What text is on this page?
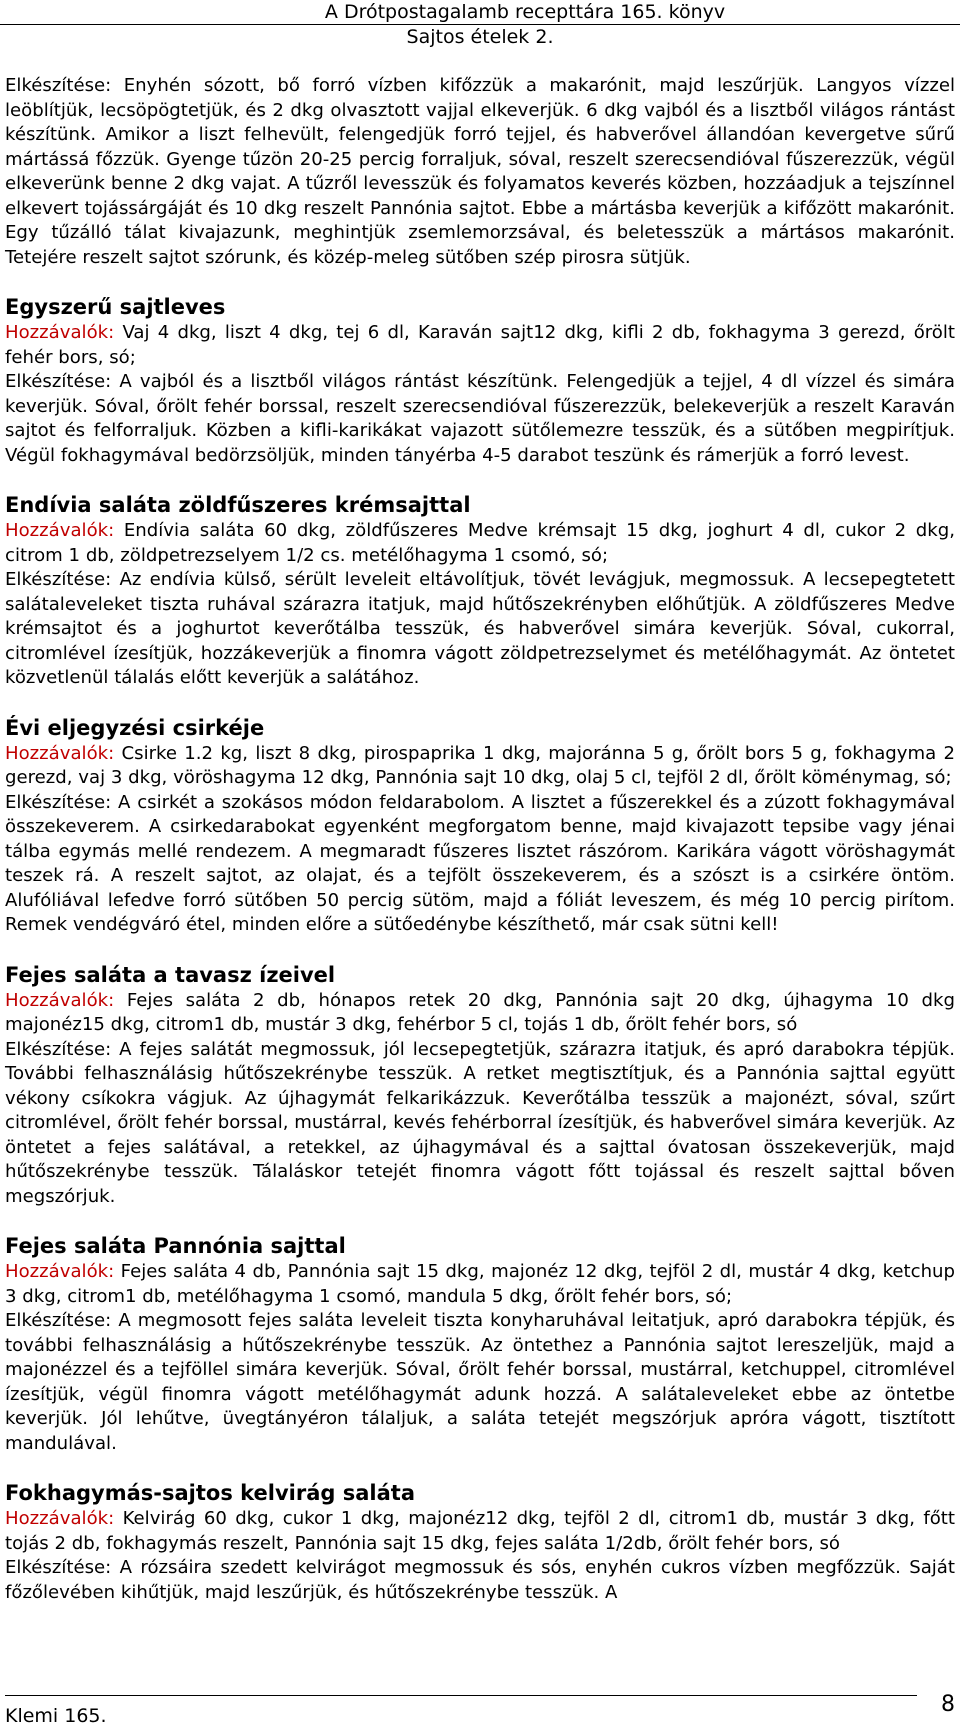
A Drótpostagalamb recepttára 165. könyv
Sajtos ételek 2.

Elkészítése: Enyhén sózott, bő forró vízben kifőzzük a makarónit, majd leszűrjük. Langyos vízzel leöblítjük, lecsöpögtetjük, és 2 dkg olvasztott vajjal elkeverjük. 6 dkg vajból és a lisztből világos rántást készítünk. Amikor a liszt felhevült, felengedjük forró tejjel, és habverővel állandóan kevergetve sűrű mártássá főzzük. Gyenge tűzön 20-25 percig forraljuk, sóval, reszelt szerecsendióval fűszerezzük, végül elkeverünk benne 2 dkg vajat. A tűzről levesszük és folyamatos keverés közben, hozzáadjuk a tejszínnel elkevert tojássárgáját és 10 dkg reszelt Pannónia sajtot. Ebbe a mártásba keverjük a kifőzött makarónit. Egy tűzálló tálat kivajazunk, meghintjük zsemlemorzsával, és beletesszük a mártásos makarónit. Tetejére reszelt sajtot szórunk, és közép-meleg sütőben szép pirosra sütjük.

Egyszerű sajtleves

Hozzávalók: Vaj 4 dkg, liszt 4 dkg, tej 6 dl, Karaván sajt12 dkg, kifli 2 db, fokhagyma 3 gerezd, őrölt fehér bors, só;

Elkészítése: A vajból és a lisztből világos rántást készítünk. Felengedjük a tejjel, 4 dl vízzel és simára keverjük. Sóval, őrölt fehér borssal, reszelt szerecsendióval fűszerezzük, belekeverjük a reszelt Karaván sajtot és felforraljuk. Közben a kifli-karikákat vajazott sütőlemezre tesszük, és a sütőben megpirítjuk. Végül fokhagymával bedörzsöljük, minden tányérba 4-5 darabot teszünk és rámerjük a forró levest.

Endívia saláta zöldfűszeres krémsajttal

Hozzávalók: Endívia saláta 60 dkg, zöldfűszeres Medve krémsajt 15 dkg, joghurt 4 dl, cukor 2 dkg, citrom 1 db, zöldpetrezselyem 1/2 cs. metélőhagyma 1 csomó, só;

Elkészítése: Az endívia külső, sérült leveleit eltávolítjuk, tövét levágjuk, megmossuk. A lecsepegtetett salátaleveleket tiszta ruhával szárazra itatjuk, majd hűtőszekrényben előhűtjük. A zöldfűszeres Medve krémsajtot és a joghurtot keverőtálba tesszük, és habverővel simára keverjük. Sóval, cukorral, citromlével ízesítjük, hozzákeverjük a finomra vágott zöldpetrezselymet és metélőhagymát. Az öntetet közvetlenül tálalás előtt keverjük a salátához.

Évi eljegyzési csirkéje

Hozzávalók: Csirke 1.2 kg, liszt 8 dkg, pirospaprika 1 dkg, majoránna 5 g, őrölt bors 5 g, fokhagyma 2 gerezd, vaj 3 dkg, vöröshagyma 12 dkg, Pannónia sajt 10 dkg, olaj 5 cl, tejföl 2 dl, őrölt köménymag, só;

Elkészítése: A csirkét a szokásos módon feldarabolom. A lisztet a fűszerekkel és a zúzott fokhagymával összekeverem. A csirkedarabokat egyenként megforgatom benne, majd kivajazott tepsibe vagy jénai tálba egymás mellé rendezem. A megmaradt fűszeres lisztet rászórom. Karikára vágott vöröshagymát teszek rá. A reszelt sajtot, az olajat, és a tejfölt összekeverem, és a szószt is a csirkére öntöm. Alufóliával lefedve forró sütőben 50 percig sütöm, majd a fóliát leveszem, és még 10 percig pirítom. Remek vendégváró étel, minden előre a sütőedénybe készíthető, már csak sütni kell!

Fejes saláta a tavasz ízeivel

Hozzávalók: Fejes saláta 2 db, hónapos retek 20 dkg, Pannónia sajt 20 dkg, újhagyma 10 dkg majonéz15 dkg, citrom1 db, mustár 3 dkg, fehérbor 5 cl, tojás 1 db, őrölt fehér bors, só

Elkészítése: A fejes salátát megmossuk, jól lecsepegtetjük, szárazra itatjuk, és apró darabokra tépjük. További felhasználásig hűtőszekrénybe tesszük. A retket megtisztítjuk, és a Pannónia sajttal együtt vékony csíkokra vágjuk. Az újhagymát felkarikázzuk. Keverőtálba tesszük a majonézt, sóval, szűrt citromlével, őrölt fehér borssal, mustárral, kevés fehérborral ízesítjük, és habverővel simára keverjük. Az öntetet a fejes salátával, a retekkel, az újhagymával és a sajttal óvatosan összekeverjük, majd hűtőszekrénybe tesszük. Tálaláskor tetejét finomra vágott főtt tojással és reszelt sajttal bőven megszórjuk.

Fejes saláta Pannónia sajttal

Hozzávalók: Fejes saláta 4 db, Pannónia sajt 15 dkg, majonéz 12 dkg, tejföl 2 dl, mustár 4 dkg, ketchup 3 dkg, citrom1 db, metélőhagyma 1 csomó, mandula 5 dkg, őrölt fehér bors, só;

Elkészítése: A megmosott fejes saláta leveleit tiszta konyharuhával leitatjuk, apró darabokra tépjük, és további felhasználásig a hűtőszekrénybe tesszük. Az öntethez a Pannónia sajtot lereszeljük, majd a majonézzel és a tejföllel simára keverjük. Sóval, őrölt fehér borssal, mustárral, ketchuppel, citromlével ízesítjük, végül finomra vágott metélőhagymát adunk hozzá. A salátaleveleket ebbe az öntetbe keverjük. Jól lehűtve, üvegtányéron tálaljuk, a saláta tetejét megszórjuk apróra vágott, tisztított mandulával.

Fokhagymás-sajtos kelvirág saláta

Hozzávalók: Kelvirág 60 dkg, cukor 1 dkg, majonéz12 dkg, tejföl 2 dl, citrom1 db, mustár 3 dkg, főtt tojás 2 db, fokhagymás reszelt, Pannónia sajt 15 dkg, fejes saláta 1/2db, őrölt fehér bors, só

Elkészítése: A rózsáira szedett kelvirágot megmossuk és sós, enyhén cukros vízben megfőzzük. Saját főzőlevében kihűtjük, majd leszűrjük, és hűtőszekrénybe tesszük. A

Klemi 165.	8
